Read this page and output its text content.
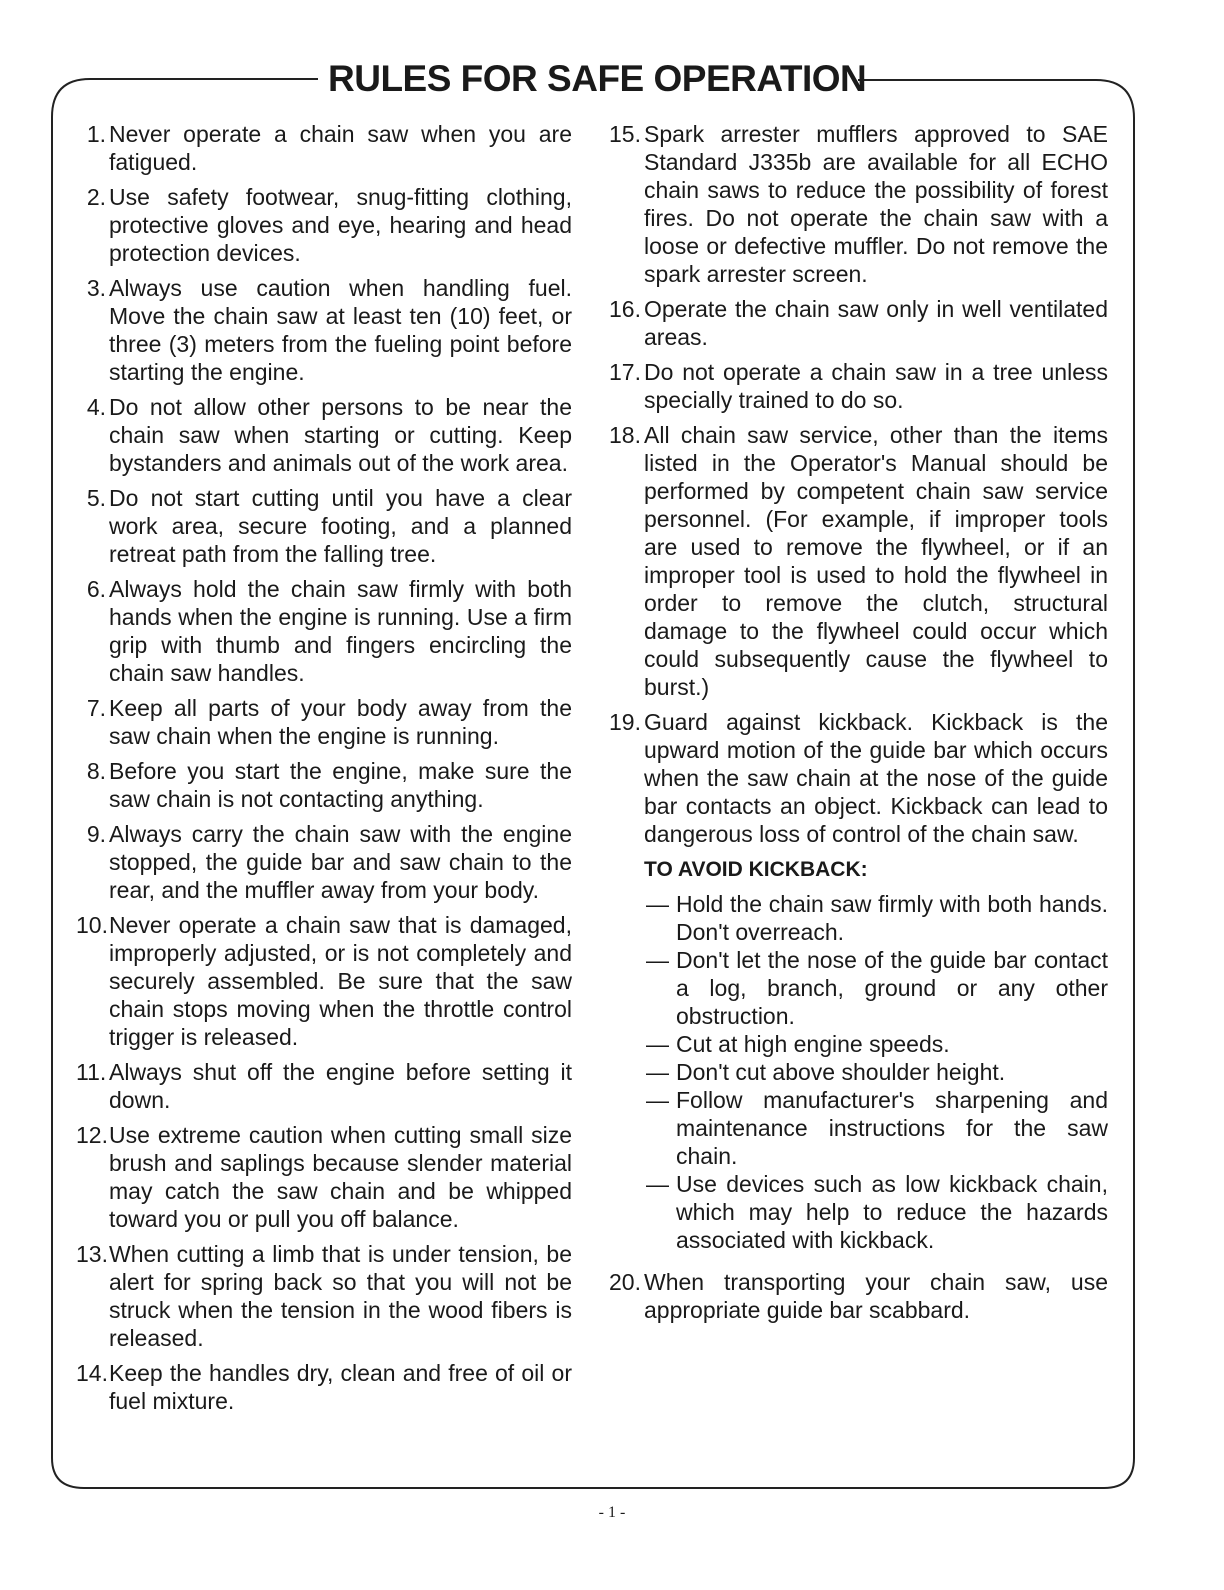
RULES FOR SAFE OPERATION
1. Never operate a chain saw when you are fatigued.
2. Use safety footwear, snug-fitting clothing, protective gloves and eye, hearing and head protection devices.
3. Always use caution when handling fuel. Move the chain saw at least ten (10) feet, or three (3) meters from the fueling point before starting the engine.
4. Do not allow other persons to be near the chain saw when starting or cutting. Keep bystanders and animals out of the work area.
5. Do not start cutting until you have a clear work area, secure footing, and a planned retreat path from the falling tree.
6. Always hold the chain saw firmly with both hands when the engine is running. Use a firm grip with thumb and fingers encircling the chain saw handles.
7. Keep all parts of your body away from the saw chain when the engine is running.
8. Before you start the engine, make sure the saw chain is not contacting anything.
9. Always carry the chain saw with the engine stopped, the guide bar and saw chain to the rear, and the muffler away from your body.
10. Never operate a chain saw that is damaged, improperly adjusted, or is not completely and securely assembled. Be sure that the saw chain stops moving when the throttle control trigger is released.
11. Always shut off the engine before setting it down.
12. Use extreme caution when cutting small size brush and saplings because slender material may catch the saw chain and be whipped toward you or pull you off balance.
13. When cutting a limb that is under tension, be alert for spring back so that you will not be struck when the tension in the wood fibers is released.
14. Keep the handles dry, clean and free of oil or fuel mixture.
15. Spark arrester mufflers approved to SAE Standard J335b are available for all ECHO chain saws to reduce the possibility of forest fires. Do not operate the chain saw with a loose or defective muffler. Do not remove the spark arrester screen.
16. Operate the chain saw only in well ventilated areas.
17. Do not operate a chain saw in a tree unless specially trained to do so.
18. All chain saw service, other than the items listed in the Operator's Manual should be performed by competent chain saw service personnel. (For example, if improper tools are used to remove the flywheel, or if an improper tool is used to hold the flywheel in order to remove the clutch, structural damage to the flywheel could occur which could subsequently cause the flywheel to burst.)
19. Guard against kickback. Kickback is the upward motion of the guide bar which occurs when the saw chain at the nose of the guide bar contacts an object. Kickback can lead to dangerous loss of control of the chain saw.
TO AVOID KICKBACK:
— Hold the chain saw firmly with both hands. Don't overreach.
— Don't let the nose of the guide bar contact a log, branch, ground or any other obstruction.
— Cut at high engine speeds.
— Don't cut above shoulder height.
— Follow manufacturer's sharpening and maintenance instructions for the saw chain.
— Use devices such as low kickback chain, which may help to reduce the hazards associated with kickback.
20. When transporting your chain saw, use appropriate guide bar scabbard.
- 1 -
